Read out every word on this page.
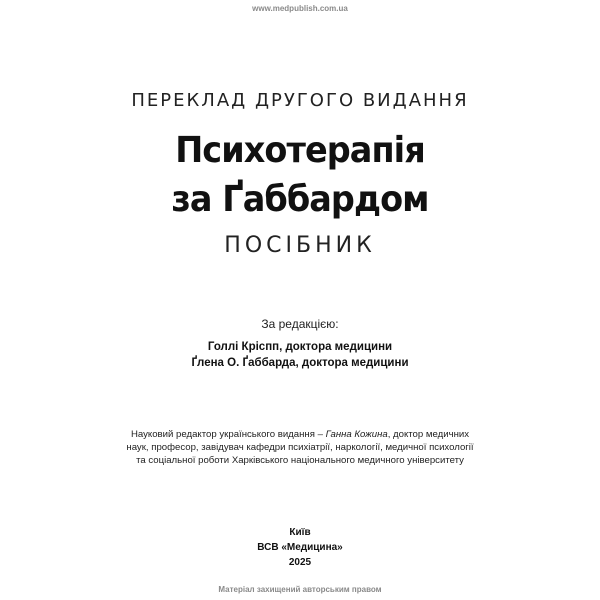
www.medpublish.com.ua
ПЕРЕКЛАД ДРУГОГО ВИДАННЯ
Психотерапія
за Ґаббардом
ПОСІБНИК
За редакцією:
Голлі Кріспп, доктора медицини
Ґлена О. Ґаббарда, доктора медицини
Науковий редактор українського видання – Ганна Кожина, доктор медичних
наук, професор, завідувач кафедри психіатрії, наркології, медичної психології
та соціальної роботи Харківського національного медичного університету
Київ
ВСВ «Медицина»
2025
Матеріал захищений авторським правом
